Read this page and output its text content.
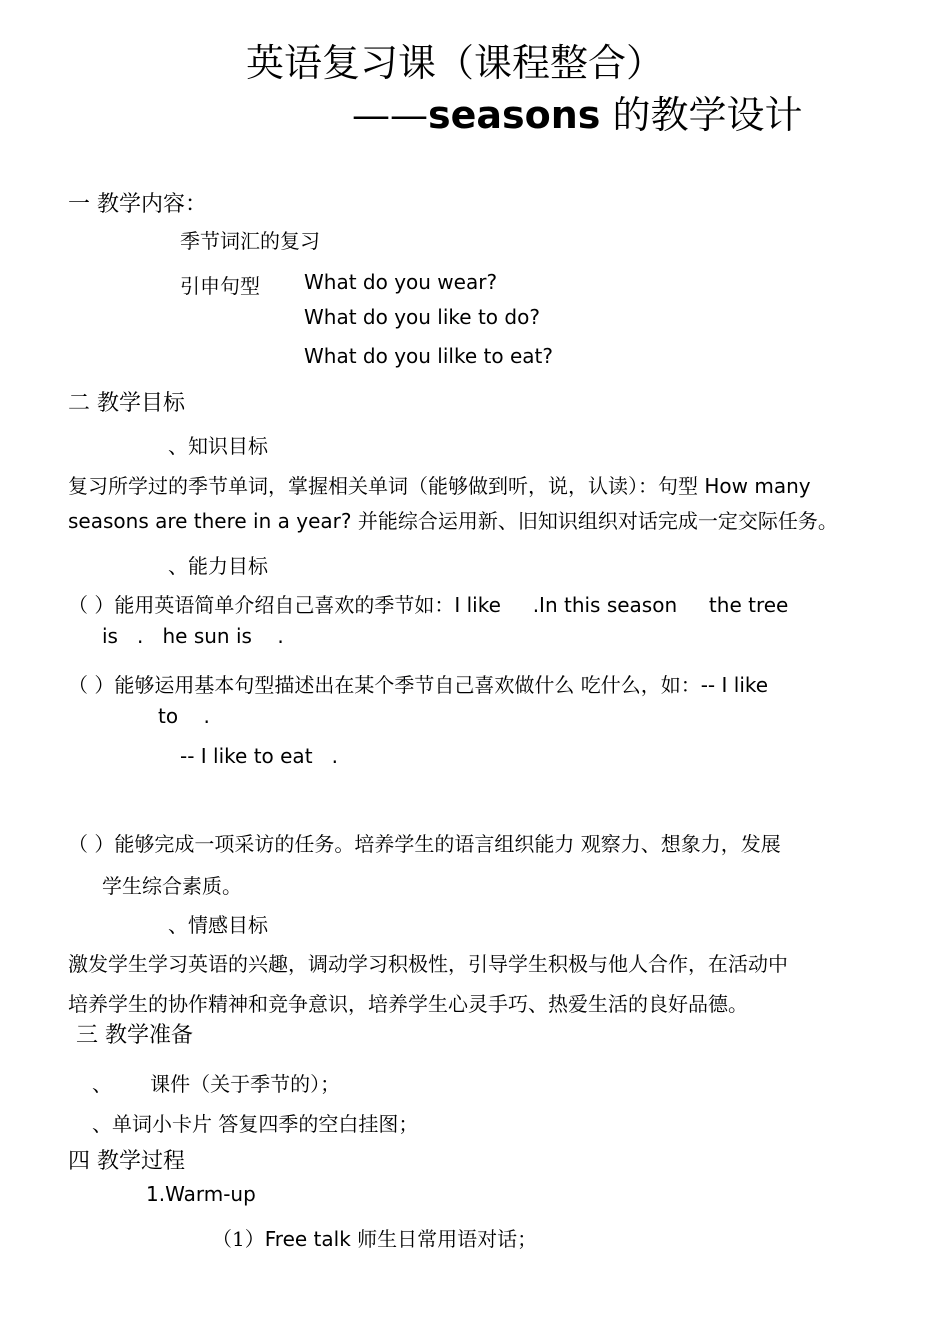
英语复习课（课程整合）
——seasons 的教学设计
一 教学内容：
季节词汇的复习
引申句型 What do you wear?
What do you like to do?
What do you lilke to eat?
二 教学目标
、知识目标
复习所学过的季节单词，掌握相关单词（能够做到听，说，认读）：句型 How many
seasons are there in a year? 并能综合运用新、旧知识组织对话完成一定交际任务。
、能力目标
（ ）能用英语简单介绍自己喜欢的季节如：I like     .In this season     the tree
is   .   he sun is    .
（ ）能够运用基本句型描述出在某个季节自己喜欢做什么 吃什么，如：-- I like
to    .
-- I like to eat   .
（ ）能够完成一项采访的任务。培养学生的语言组织能力 观察力、想象力，发展
学生综合素质。
、情感目标
激发学生学习英语的兴趣，调动学习积极性，引导学生积极与他人合作，在活动中
培养学生的协作精神和竞争意识，培养学生心灵手巧、热爱生活的良好品德。
三 教学准备
、      课件（关于季节的）；
、单词小卡片 答复四季的空白挂图；
四 教学过程
1.Warm-up
（1）Free talk 师生日常用语对话；
